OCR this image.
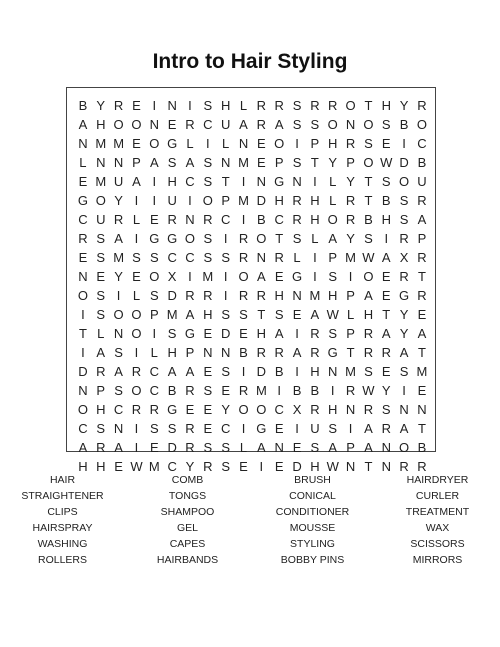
Intro to Hair Styling
B Y R E I N I S H L R R S R R O T H Y R
A H O O N E R C U A R A S S O N O S B O
N M M E O G L I L N E O I P H R S E I C
L N N P A S A S N M E P S T Y P O W D B
E M U A I H C S T I N G N I L Y T S O U
G O Y I	I U I O P M D H R H L R T B S R
C U R L E R N R C I B C R H O R B H S A
R S A I G G O S I R O T S L A Y S I R P
E S M S S C C S S R N R L I P M W A X R
N E Y E O X I M I O A E G I S I O E R T
O S I L S D R R I R R H N M H P A E G R
I S O O P M A H S S T S E A W L H T Y E
T L N O I S G E D E H A I R S P R A Y A
I A S I L H P N N B R R A R G T R R A T
D R A R C A A E S I D B I H N M S E S M
N P S O C B R S E R M I B B I R W Y I E
O H C R R G E E Y O O C X R H N R S N N
C S N I S S R E C I G E I U S I A R A T
A R A I E D R S S L A N E S A P A N O B
H H E W M C Y R S E I E D H W N T N R R
HAIR	COMB	BRUSH	HAIRDRYER
STRAIGHTENER	TONGS	CONICAL	CURLER
CLIPS	SHAMPOO	CONDITIONER	TREATMENT
HAIRSPRAY	GEL	MOUSSE	WAX
WASHING	CAPES	STYLING	SCISSORS
ROLLERS	HAIRBANDS	BOBBY PINS	MIRRORS
